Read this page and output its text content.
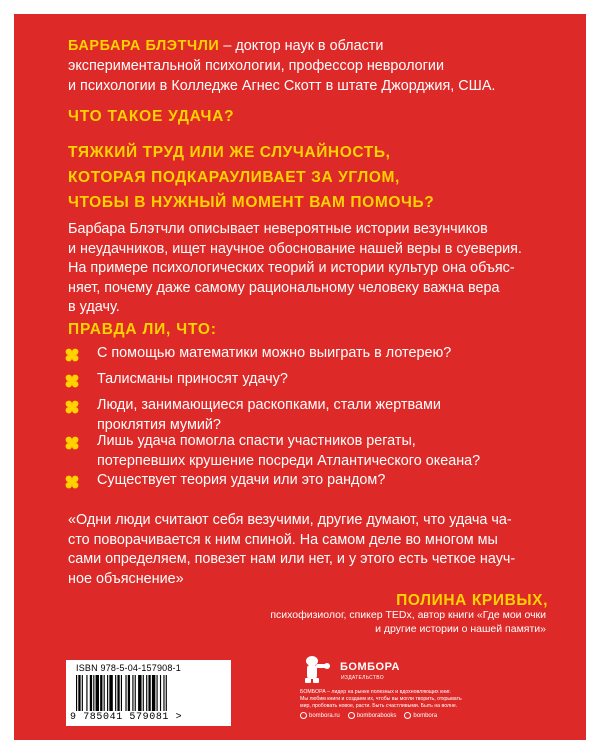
БАРБАРА БЛЭТЧЛИ – доктор наук в области
экспериментальной психологии, профессор неврологии
и психологии в Колледже Агнес Скотт в штате Джорджия, США.
ЧТО ТАКОЕ УДАЧА?
ТЯЖКИЙ ТРУД ИЛИ ЖЕ СЛУЧАЙНОСТЬ,
КОТОРАЯ ПОДКАРАУЛИВАЕТ ЗА УГЛОМ,
ЧТОБЫ В НУЖНЫЙ МОМЕНТ ВАМ ПОМОЧЬ?
Барбара Блэтчли описывает невероятные истории везунчиков
и неудачников, ищет научное обоснование нашей веры в суеверия.
На примере психологических теорий и истории культур она объяс-
няет, почему даже самому рациональному человеку важна вера
в удачу.
ПРАВДА ЛИ, ЧТО:
С помощью математики можно выиграть в лотерею?
Талисманы приносят удачу?
Люди, занимающиеся раскопками, стали жертвами
проклятия мумий?
Лишь удача помогла спасти участников регаты,
потерпевших крушение посреди Атлантического океана?
Существует теория удачи или это рандом?
«Одни люди считают себя везучими, другие думают, что удача ча-
сто поворачивается к ним спиной. На самом деле во многом мы
сами определяем, повезет нам или нет, и у этого есть четкое науч-
ное объяснение»
ПОЛИНА КРИВЫХ,
психофизиолог, спикер TEDx, автор книги «Где мои очки
и другие истории о нашей памяти»
ISBN 978-5-04-157908-1
9 785041 579081 >
БОМБОРА
ИЗДАТЕЛЬСТВО
БОМБОРА – лидер на рынке полезных и вдохновляющих книг.
Мы любим книги и создаем их, чтобы вы могли творить, открывать
мир, пробовать новое, расти. Быть счастливыми. Быть на волне.
bombora.ru	bomborabooks	bombora
